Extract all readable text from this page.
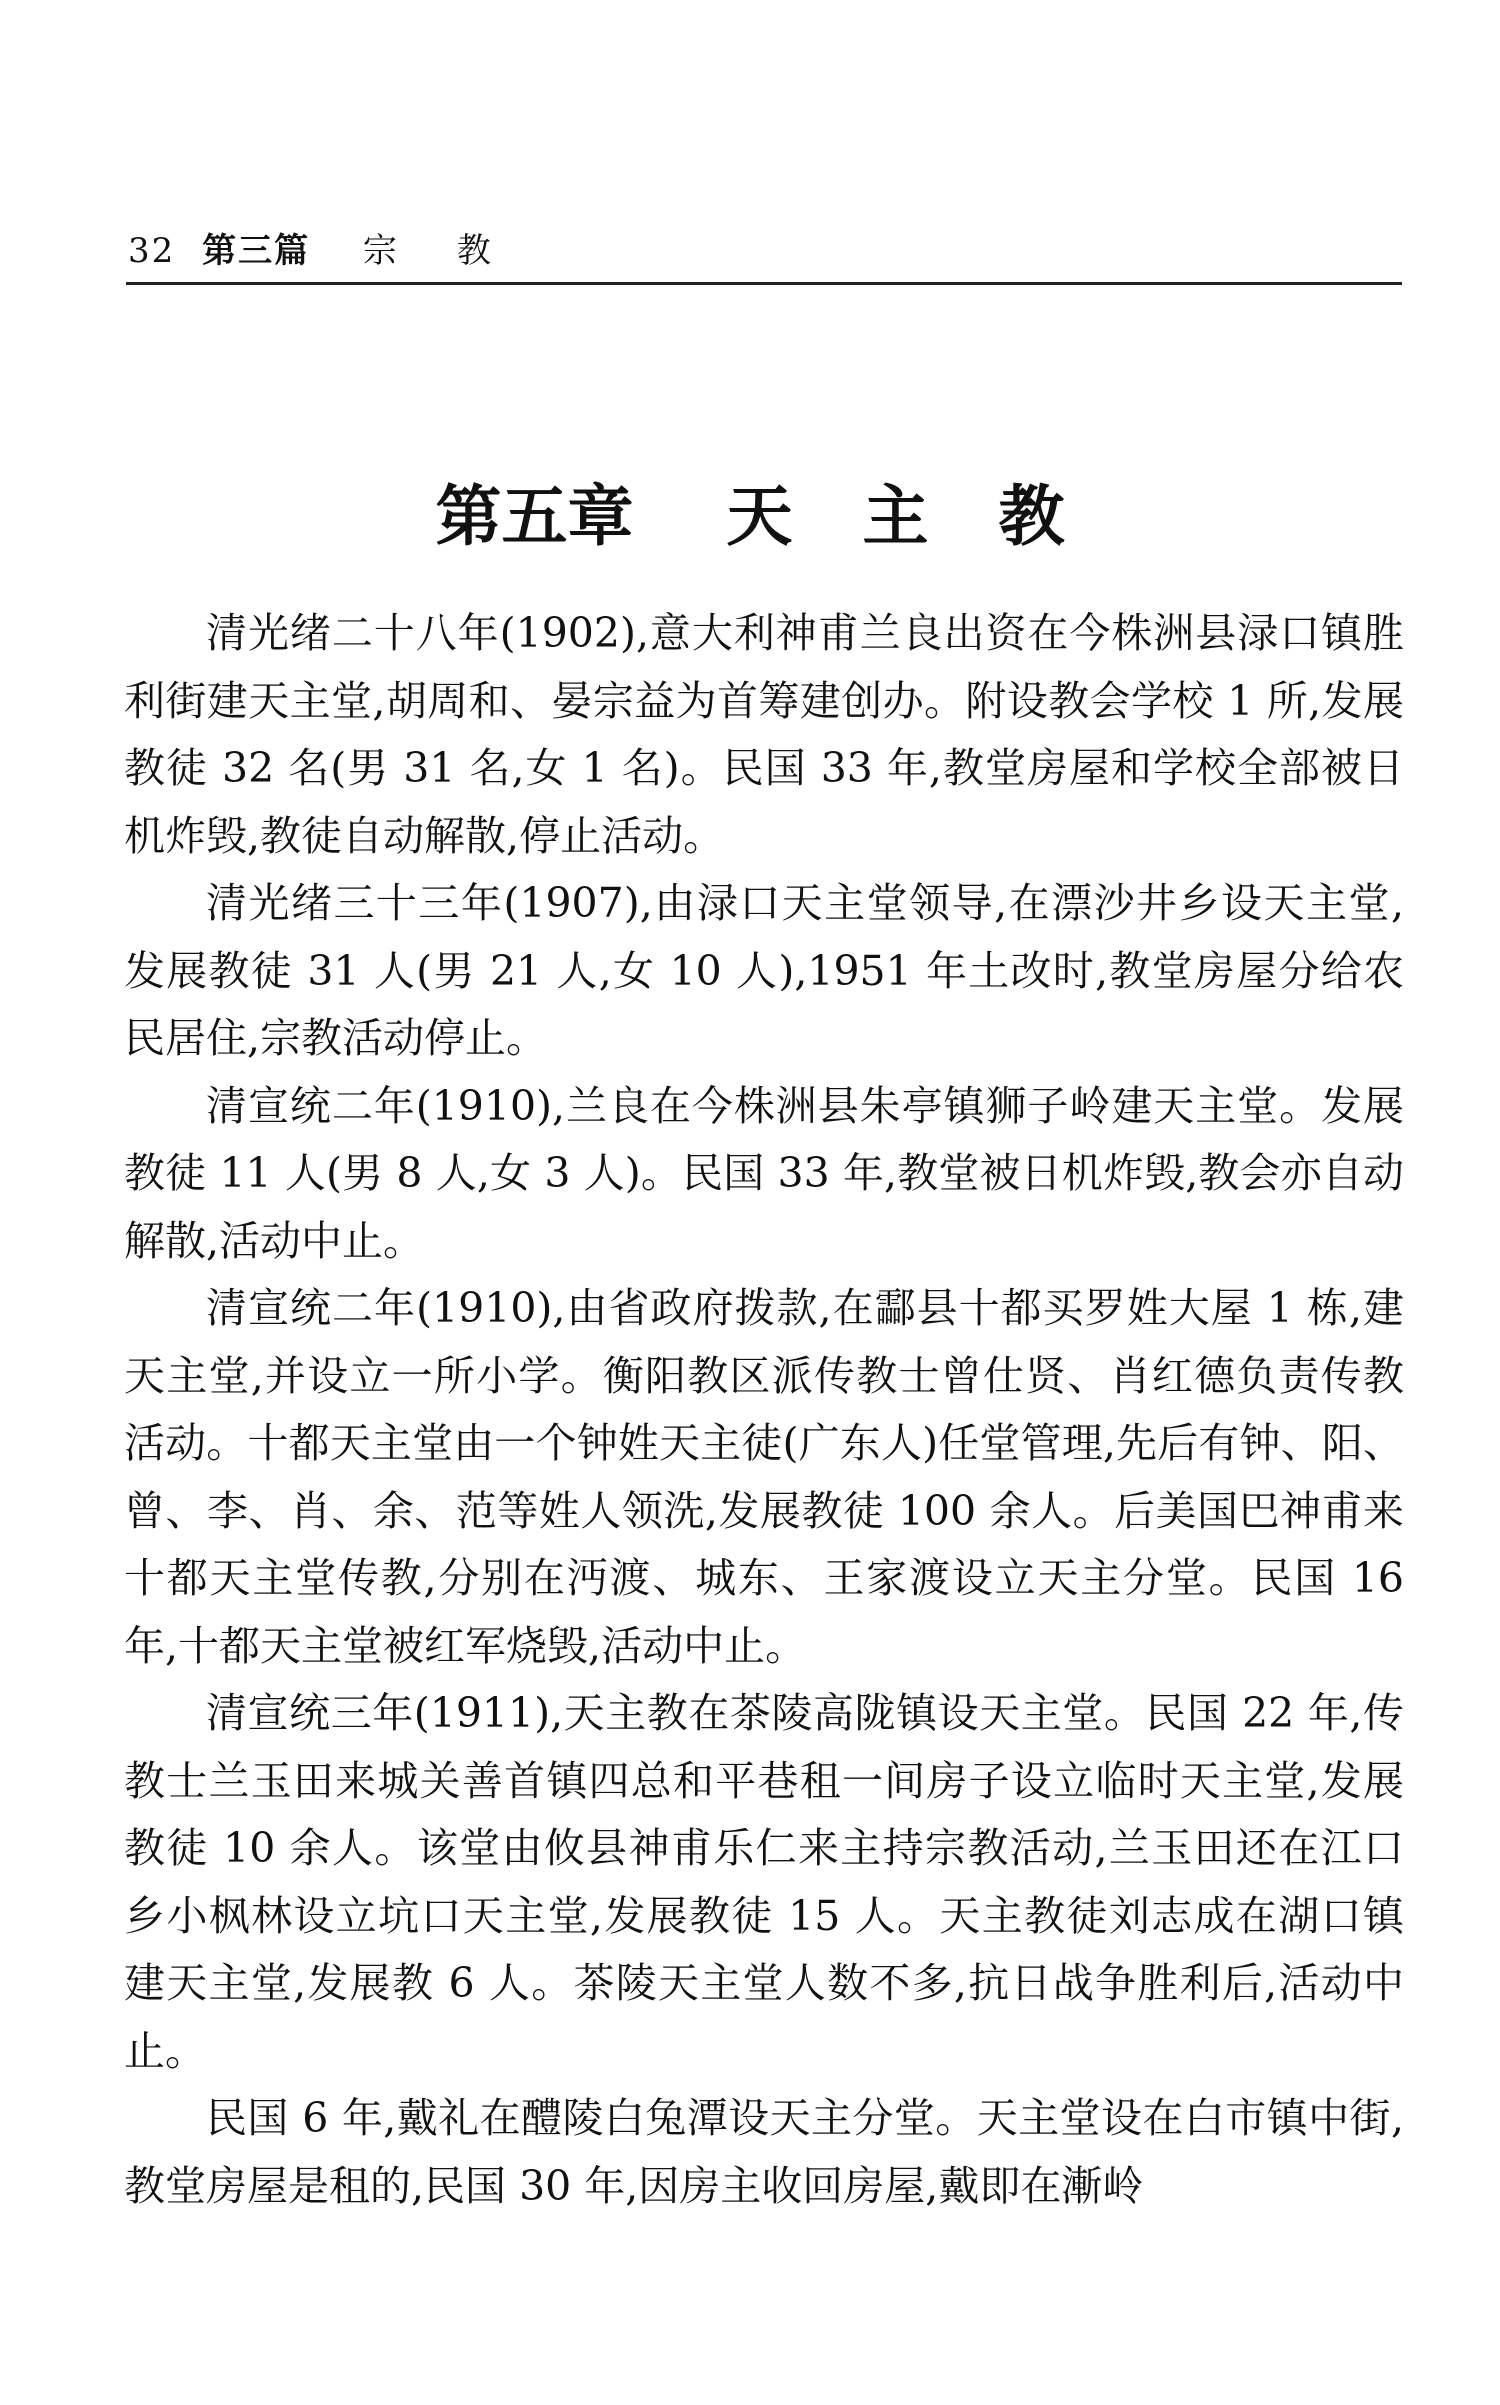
32 第三篇 宗教
第五章 天主教

清光绪二十八年(1902),意大利神甫兰良出资在今株洲县渌口镇胜利街建天主堂,胡周和、晏宗益为首筹建创办。附设教会学校 1 所,发展教徒 32 名(男 31 名,女 1 名)。民国 33 年,教堂房屋和学校全部被日机炸毁,教徒自动解散,停止活动。

清光绪三十三年(1907),由渌口天主堂领导,在漂沙井乡设天主堂,发展教徒 31 人(男 21 人,女 10 人),1951 年土改时,教堂房屋分给农民居住,宗教活动停止。

清宣统二年(1910),兰良在今株洲县朱亭镇狮子岭建天主堂。发展教徒 11 人(男 8 人,女 3 人)。民国 33 年,教堂被日机炸毁,教会亦自动解散,活动中止。

清宣统二年(1910),由省政府拨款,在酃县十都买罗姓大屋 1 栋,建天主堂,并设立一所小学。衡阳教区派传教士曾仕贤、肖红德负责传教活动。十都天主堂由一个钟姓天主徒(广东人)任堂管理,先后有钟、阳、曾、李、肖、余、范等姓人领洗,发展教徒 100 余人。后美国巴神甫来十都天主堂传教,分别在沔渡、城东、王家渡设立天主分堂。民国 16 年,十都天主堂被红军烧毁,活动中止。

清宣统三年(1911),天主教在茶陵高陇镇设天主堂。民国 22 年,传教士兰玉田来城关善首镇四总和平巷租一间房子设立临时天主堂,发展教徒 10 余人。该堂由攸县神甫乐仁来主持宗教活动,兰玉田还在江口乡小枫林设立坑口天主堂,发展教徒 15 人。天主教徒刘志成在湖口镇建天主堂,发展教 6 人。茶陵天主堂人数不多,抗日战争胜利后,活动中止。

民国 6 年,戴礼在醴陵白兔潭设天主分堂。天主堂设在白市镇中街,教堂房屋是租的,民国 30 年,因房主收回房屋,戴即在漸岭
